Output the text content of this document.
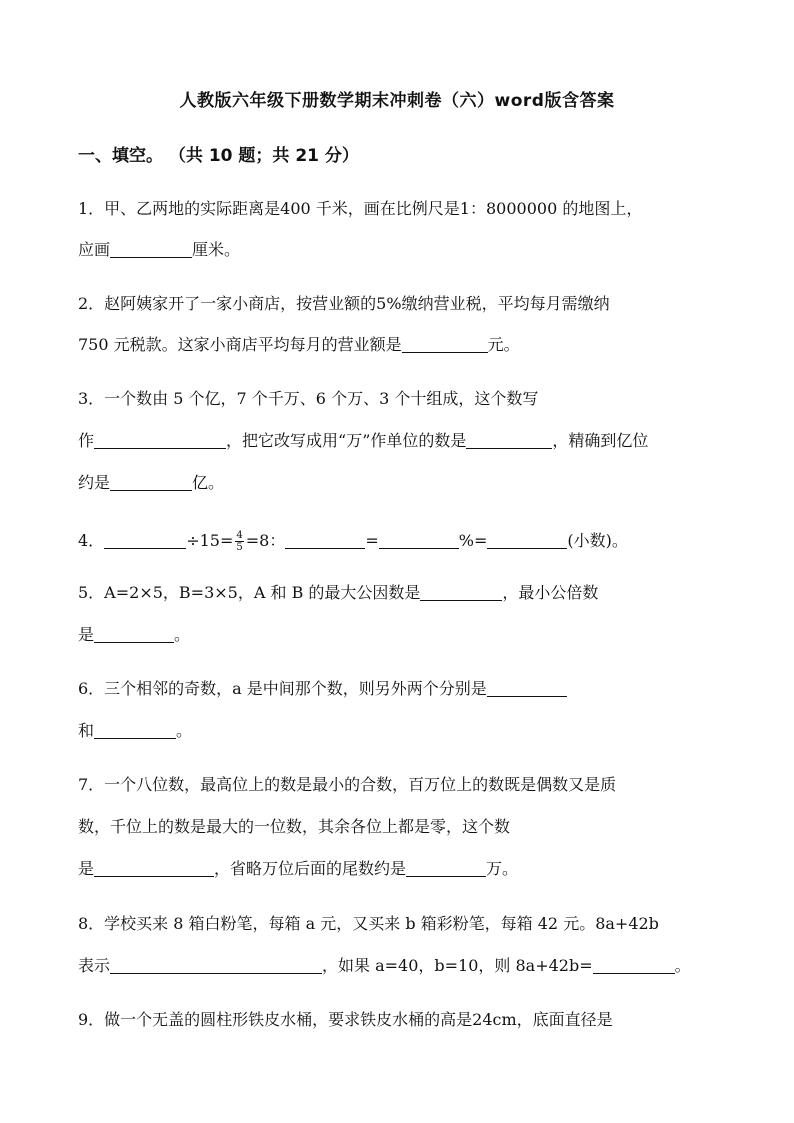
人教版六年级下册数学期末冲刺卷（六）word版含答案
一、填空。 （共 10 题；共 21 分）
1．甲、乙两地的实际距离是400 千米，画在比例尺是1：8000000 的地图上，
应画	厘米。
2．赵阿姨家开了一家小商店，按营业额的5%缴纳营业税，平均每月需缴纳
750 元税款。这家小商店平均每月的营业额是	元。
3．一个数由 5 个亿，7 个千万、6 个万、3 个十组成，这个数写
作	，把它改写成用“万”作单位的数是	，精确到亿位
约是	亿。
4．	$\div 15= \frac{4}{5} =8$：	=	%=	(小数)。
5．A=2×5，B=3×5，A 和 B 的最大公因数是	，最小公倍数
是	。
6．三个相邻的奇数，a 是中间那个数，则另外两个分别是
和	。
7．一个八位数，最高位上的数是最小的合数，百万位上的数既是偶数又是质
数，千位上的数是最大的一位数，其余各位上都是零，这个数
是	，省略万位后面的尾数约是	万。
8．学校买来 8 箱白粉笔，每箱 a 元，又买来 b 箱彩粉笔，每箱 42 元。8a+42b
表示	，如果 a=40，b=10，则 8a+42b=	。
9．做一个无盖的圆柱形铁皮水桶，要求铁皮水桶的高是24cm，底面直径是
